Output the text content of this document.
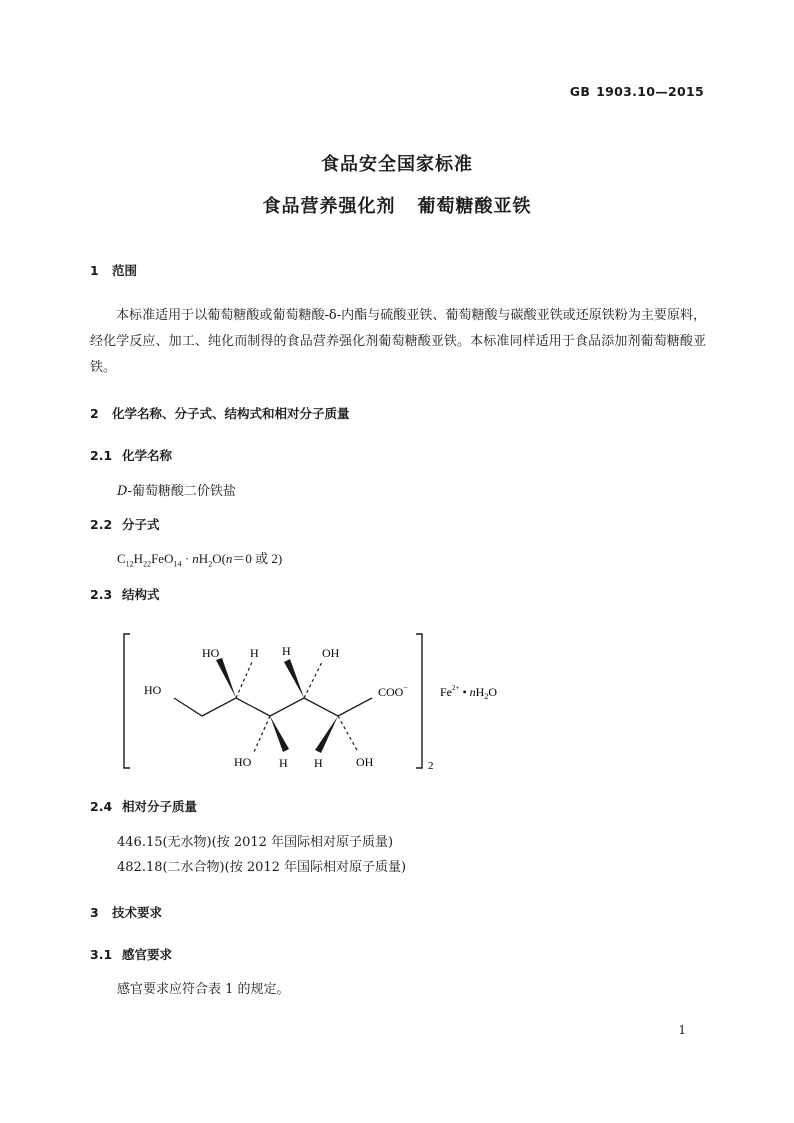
GB 1903.10—2015
食品安全国家标准
食品营养强化剂 葡萄糖酸亚铁
1 范围
本标准适用于以葡萄糖酸或葡萄糖酸-δ-内酯与硫酸亚铁、葡萄糖酸与碳酸亚铁或还原铁粉为主要原料，经化学反应、加工、纯化而制得的食品营养强化剂葡萄糖酸亚铁。本标准同样适用于食品添加剂葡萄糖酸亚铁。
2 化学名称、分子式、结构式和相对分子质量
2.1 化学名称
D-葡萄糖酸二价铁盐
2.2 分子式
$C_{12}H_{22}FeO_{14} \cdot nH_2O(n=0$ 或 2)
2.3 结构式
HO
HO	H H	OH
COO−	$Fe^{2+}$ • $nH_2O$
HO H H	OH	2
2.4 相对分子质量
446.15(无水物)(按 2012 年国际相对原子质量)
482.18(二水合物)(按 2012 年国际相对原子质量)
3 技术要求
3.1 感官要求
感官要求应符合表 1 的规定。
1
